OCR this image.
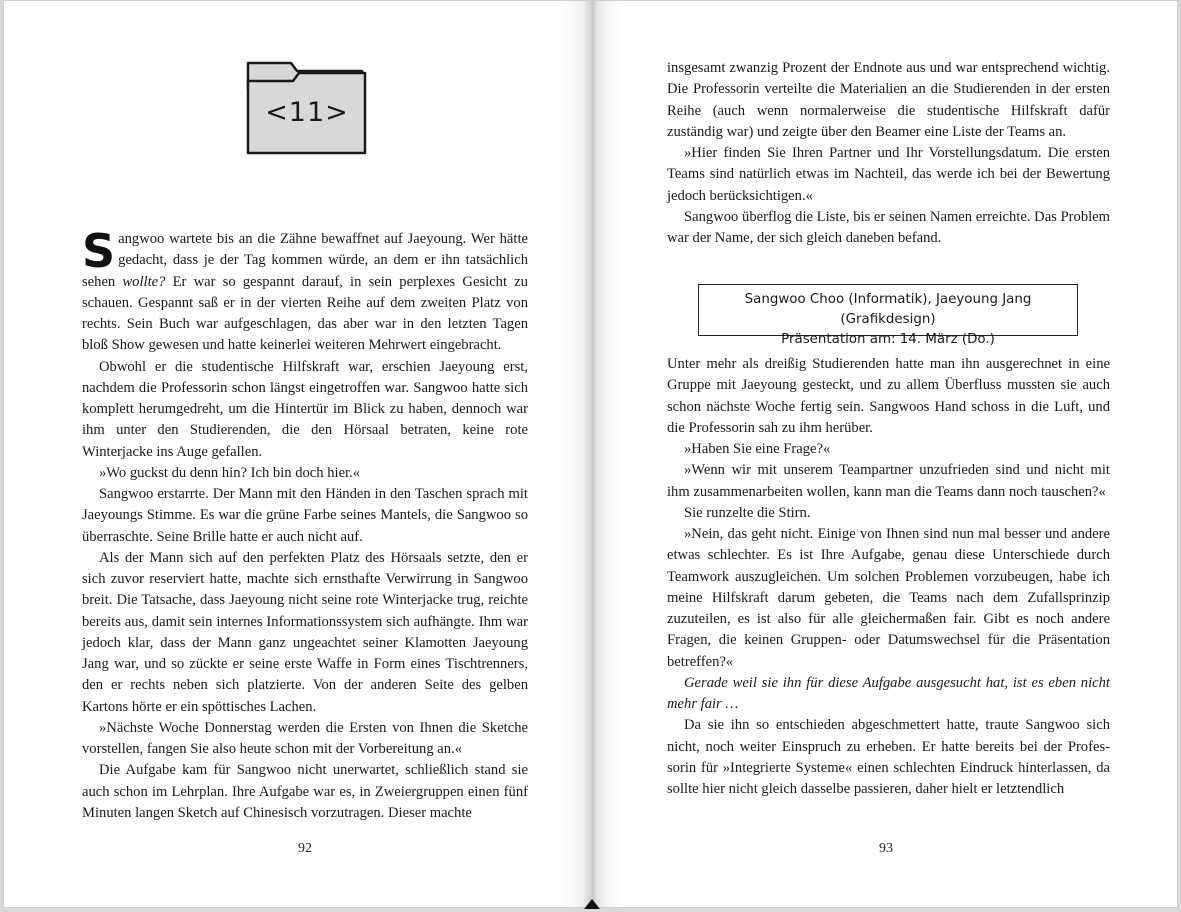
<11>

Sangwoo wartete bis an die Zähne bewaffnet auf Jaeyoung. Wer hätte gedacht, dass je der Tag kommen würde, an dem er ihn tatsächlich sehen wollte? Er war so gespannt darauf, in sein perplexes Gesicht zu schauen. Gespannt saß er in der vierten Reihe auf dem zweiten Platz von rechts. Sein Buch war aufgeschlagen, das aber war in den letzten Tagen bloß Show gewesen und hatte keinerlei weiteren Mehrwert eingebracht.

Obwohl er die studentische Hilfskraft war, erschien Jaeyoung erst, nachdem die Professorin schon längst eingetroffen war. Sangwoo hatte sich komplett herumgedreht, um die Hintertür im Blick zu haben, dennoch war ihm unter den Studierenden, die den Hörsaal betraten, keine rote Winterjacke ins Auge gefallen.

»Wo guckst du denn hin? Ich bin doch hier.«

Sangwoo erstarrte. Der Mann mit den Händen in den Taschen sprach mit Jaeyoungs Stimme. Es war die grüne Farbe seines Mantels, die Sangwoo so überraschte. Seine Brille hatte er auch nicht auf.

Als der Mann sich auf den perfekten Platz des Hörsaals setzte, den er sich zuvor reserviert hatte, machte sich ernsthafte Verwirrung in Sangwoo breit. Die Tatsache, dass Jaeyoung nicht seine rote Winterjacke trug, reichte bereits aus, damit sein internes Informationssystem sich aufhängte. Ihm war jedoch klar, dass der Mann ganz ungeachtet seiner Klamotten Jaeyoung Jang war, und so zückte er seine erste Waffe in Form eines Tischtrenners, den er rechts neben sich platzierte. Von der anderen Seite des gelben Kartons hörte er ein spöttisches Lachen.

»Nächste Woche Donnerstag werden die Ersten von Ihnen die Sketche vorstellen, fangen Sie also heute schon mit der Vorbereitung an.«

Die Aufgabe kam für Sangwoo nicht unerwartet, schließlich stand sie auch schon im Lehrplan. Ihre Aufgabe war es, in Zweiergruppen einen fünf Minuten langen Sketch auf Chinesisch vorzutragen. Dieser machte

92

insgesamt zwanzig Prozent der Endnote aus und war entsprechend wichtig. Die Professorin verteilte die Materialien an die Studierenden in der ersten Reihe (auch wenn normalerweise die studentische Hilfskraft dafür zuständig war) und zeigte über den Beamer eine Liste der Teams an.

»Hier finden Sie Ihren Partner und Ihr Vorstellungsdatum. Die ersten Teams sind natürlich etwas im Nachteil, das werde ich bei der Bewertung jedoch berücksichtigen.«

Sangwoo überflog die Liste, bis er seinen Namen erreichte. Das Problem war der Name, der sich gleich daneben befand.

Sangwoo Choo (Informatik), Jaeyoung Jang (Grafikdesign)
Präsentation am: 14. März (Do.)

Unter mehr als dreißig Studierenden hatte man ihn ausgerechnet in eine Gruppe mit Jaeyoung gesteckt, und zu allem Überfluss mussten sie auch schon nächste Woche fertig sein. Sangwoos Hand schoss in die Luft, und die Professorin sah zu ihm herüber.

»Haben Sie eine Frage?«

»Wenn wir mit unserem Teampartner unzufrieden sind und nicht mit ihm zusammenarbeiten wollen, kann man die Teams dann noch tauschen?«

Sie runzelte die Stirn.

»Nein, das geht nicht. Einige von Ihnen sind nun mal besser und andere etwas schlechter. Es ist Ihre Aufgabe, genau diese Unterschiede durch Teamwork auszugleichen. Um solchen Problemen vorzubeugen, habe ich meine Hilfskraft darum gebeten, die Teams nach dem Zufallsprinzip zuzuteilen, es ist also für alle gleichermaßen fair. Gibt es noch andere Fragen, die keinen Gruppen- oder Datumswechsel für die Präsentation betreffen?«

Gerade weil sie ihn für diese Aufgabe ausgesucht hat, ist es eben nicht mehr fair …

Da sie ihn so entschieden abgeschmettert hatte, traute Sangwoo sich nicht, noch weiter Einspruch zu erheben. Er hatte bereits bei der Professorin für »Integrierte Systeme« einen schlechten Eindruck hinterlassen, da sollte hier nicht gleich dasselbe passieren, daher hielt er letztendlich

93
